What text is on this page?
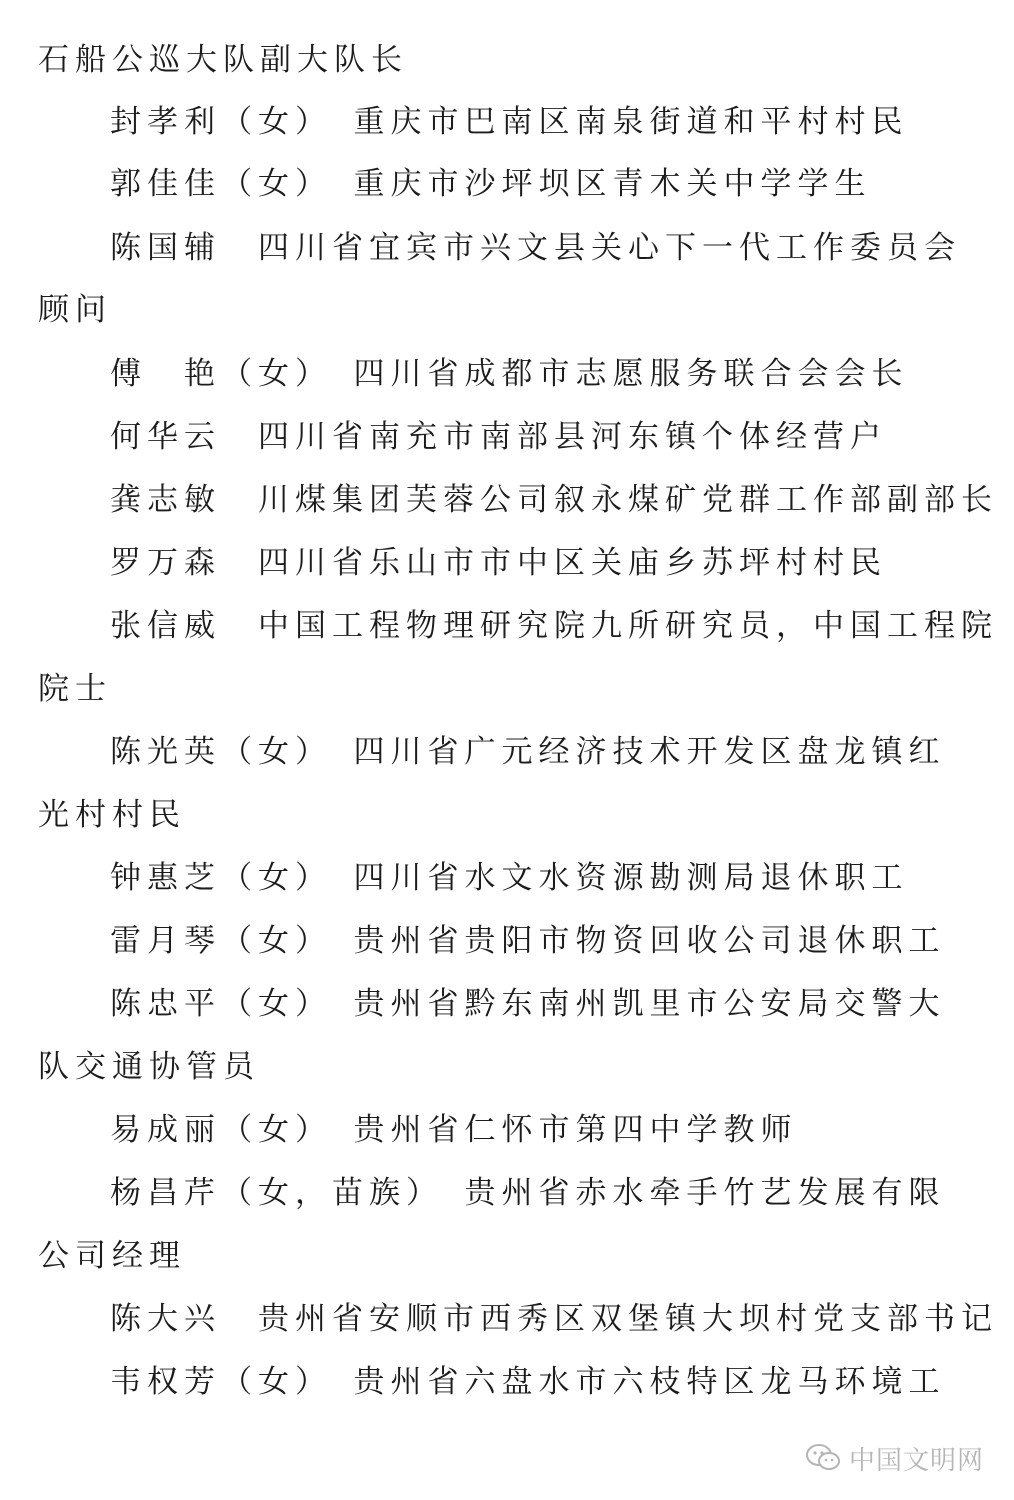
石船公巡大队副大队长
封孝利（女）　重庆市巴南区南泉街道和平村村民
郭佳佳（女）　重庆市沙坪坝区青木关中学学生
陈国辅　四川省宜宾市兴文县关心下一代工作委员会
顾问
傅　艳（女）　四川省成都市志愿服务联合会会长
何华云　四川省南充市南部县河东镇个体经营户
龚志敏　川煤集团芙蓉公司叙永煤矿党群工作部副部长
罗万森　四川省乐山市市中区关庙乡苏坪村村民
张信威　中国工程物理研究院九所研究员，中国工程院
院士
陈光英（女）　四川省广元经济技术开发区盘龙镇红
光村村民
钟惠芝（女）　四川省水文水资源勘测局退休职工
雷月琴（女）　贵州省贵阳市物资回收公司退休职工
陈忠平（女）　贵州省黔东南州凯里市公安局交警大
队交通协管员
易成丽（女）　贵州省仁怀市第四中学教师
杨昌芹（女，苗族）　贵州省赤水牵手竹艺发展有限
公司经理
陈大兴　贵州省安顺市西秀区双堡镇大坝村党支部书记
韦权芳（女）　贵州省六盘水市六枝特区龙马环境工
中国文明网
